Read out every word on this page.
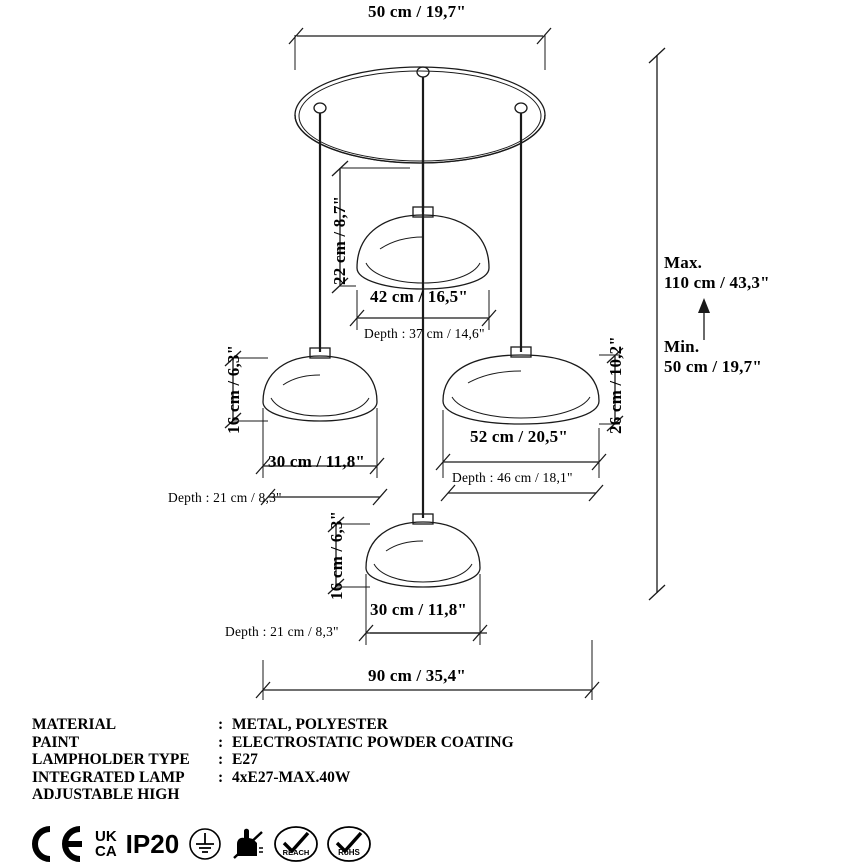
50 cm / 19,7"
22 cm / 8,7"
42 cm / 16,5"
Depth : 37 cm / 14,6"
16 cm / 6,3"
30 cm / 11,8"
Depth : 21 cm / 8,3"
26 cm / 10,2"
52 cm / 20,5"
Depth : 46 cm / 18,1"
16 cm / 6,3"
30 cm / 11,8"
Depth : 21 cm / 8,3"
90 cm / 35,4"
Max.
110 cm / 43,3"
Min.
50 cm / 19,7"
MATERIAL	: METAL, POLYESTER
PAINT	: ELECTROSTATIC POWDER COATING
LAMPHOLDER TYPE	: E27
INTEGRATED LAMP	: 4xE27-MAX.40W
ADJUSTABLE HIGH
UK
CA IP20	REACH	RoHS
